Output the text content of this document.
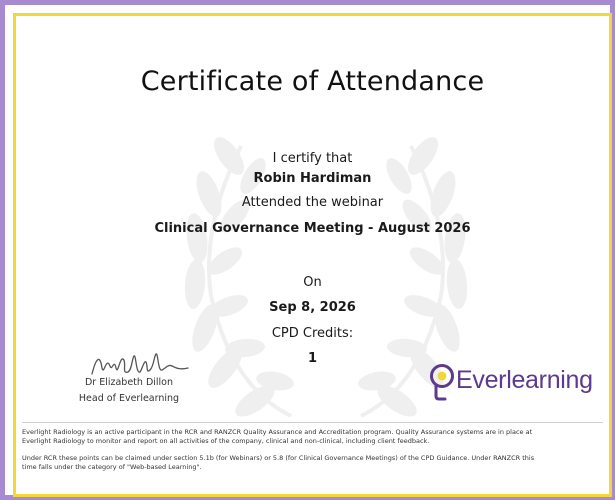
Certificate of Attendance
I certify that
Robin Hardiman
Attended the webinar
Clinical Governance Meeting - August 2026
On
Sep 8, 2026
CPD Credits:
1
Dr Elizabeth Dillon
Head of Everlearning
Everlearning
Everlight Radiology is an active participant in the RCR and RANZCR Quality Assurance and Accreditation program. Quality Assurance systems are in place at
Everlight Radiology to monitor and report on all activities of the company, clinical and non-clinical, including client feedback.
Under RCR these points can be claimed under section 5.1b (for Webinars) or 5.8 (for Clinical Governance Meetings) of the CPD Guidance. Under RANZCR this
time falls under the category of "Web-based Learning".
